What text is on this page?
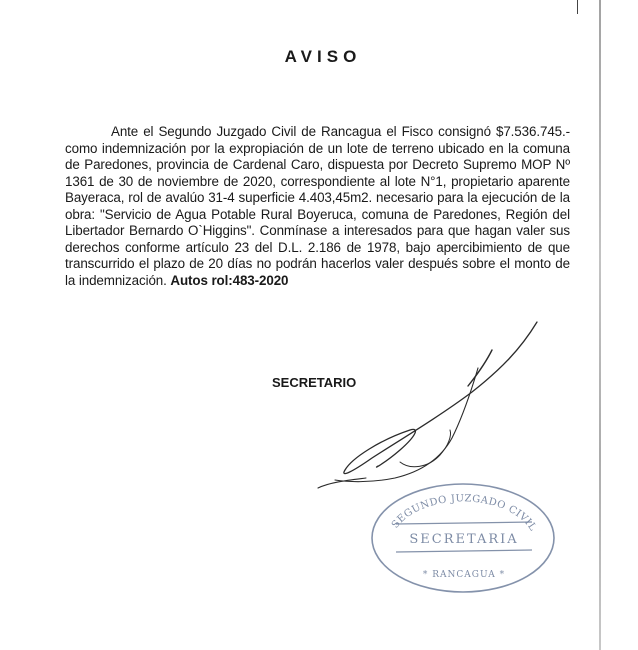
AVISO
Ante el Segundo Juzgado Civil de Rancagua el Fisco consignó $7.536.745.- como indemnización por la expropiación de un lote de terreno ubicado en la comuna de Paredones, provincia de Cardenal Caro, dispuesta por Decreto Supremo MOP Nº 1361 de 30 de noviembre de 2020, correspondiente al lote N°1, propietario aparente Bayeraca, rol de avalúo 31-4 superficie 4.403,45m2. necesario para la ejecución de la obra: "Servicio de Agua Potable Rural Boyeruca, comuna de Paredones, Región del Libertador Bernardo O`Higgins". Conmínase a interesados para que hagan valer sus derechos conforme artículo 23 del D.L. 2.186 de 1978, bajo apercibimiento de que transcurrido el plazo de 20 días no podrán hacerlos valer después sobre el monto de la indemnización. Autos rol:483-2020
SECRETARIO
SEGUNDO JUZGADO CIVIL
SECRETARIA
* RANCAGUA *
